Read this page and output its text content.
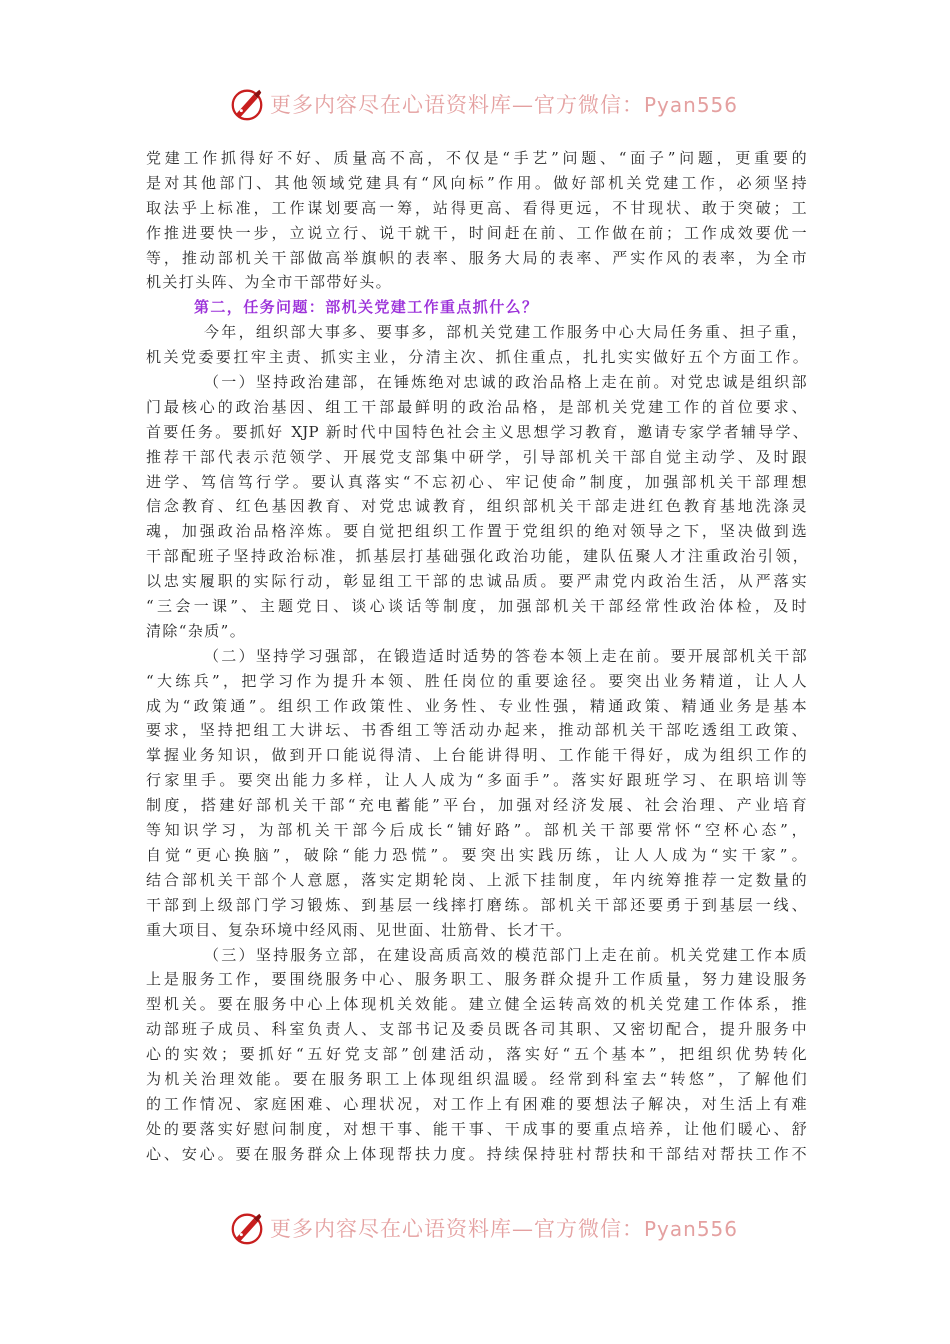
更多内容尽在心语资料库—官方微信：Pyan556
党建工作抓得好不好、质量高不高，不仅是“手艺”问题、“面子”问题，更重要的
是对其他部门、其他领域党建具有“风向标”作用。做好部机关党建工作，必须坚持
取法乎上标准，工作谋划要高一筹，站得更高、看得更远，不甘现状、敢于突破；工
作推进要快一步，立说立行、说干就干，时间赶在前、工作做在前；工作成效要优一
等，推动部机关干部做高举旗帜的表率、服务大局的表率、严实作风的表率，为全市
机关打头阵、为全市干部带好头。
第二，任务问题：部机关党建工作重点抓什么？
今年，组织部大事多、要事多，部机关党建工作服务中心大局任务重、担子重，
机关党委要扛牢主责、抓实主业，分清主次、抓住重点，扎扎实实做好五个方面工作。
（一）坚持政治建部，在锤炼绝对忠诚的政治品格上走在前。对党忠诚是组织部
门最核心的政治基因、组工干部最鲜明的政治品格，是部机关党建工作的首位要求、
首要任务。要抓好 XJP 新时代中国特色社会主义思想学习教育，邀请专家学者辅导学、
推荐干部代表示范领学、开展党支部集中研学，引导部机关干部自觉主动学、及时跟
进学、笃信笃行学。要认真落实“不忘初心、牢记使命”制度，加强部机关干部理想
信念教育、红色基因教育、对党忠诚教育，组织部机关干部走进红色教育基地洗涤灵
魂，加强政治品格淬炼。要自觉把组织工作置于党组织的绝对领导之下，坚决做到选
干部配班子坚持政治标准，抓基层打基础强化政治功能，建队伍聚人才注重政治引领，
以忠实履职的实际行动，彰显组工干部的忠诚品质。要严肃党内政治生活，从严落实
“三会一课”、主题党日、谈心谈话等制度，加强部机关干部经常性政治体检，及时
清除“杂质”。
（二）坚持学习强部，在锻造适时适势的答卷本领上走在前。要开展部机关干部
“大练兵”，把学习作为提升本领、胜任岗位的重要途径。要突出业务精道，让人人
成为“政策通”。组织工作政策性、业务性、专业性强，精通政策、精通业务是基本
要求，坚持把组工大讲坛、书香组工等活动办起来，推动部机关干部吃透组工政策、
掌握业务知识，做到开口能说得清、上台能讲得明、工作能干得好，成为组织工作的
行家里手。要突出能力多样，让人人成为“多面手”。落实好跟班学习、在职培训等
制度，搭建好部机关干部“充电蓄能”平台，加强对经济发展、社会治理、产业培育
等知识学习，为部机关干部今后成长“铺好路”。部机关干部要常怀“空杯心态”，
自觉“更心换脑”，破除“能力恐慌”。要突出实践历练，让人人成为“实干家”。
结合部机关干部个人意愿，落实定期轮岗、上派下挂制度，年内统筹推荐一定数量的
干部到上级部门学习锻炼、到基层一线摔打磨练。部机关干部还要勇于到基层一线、
重大项目、复杂环境中经风雨、见世面、壮筋骨、长才干。
（三）坚持服务立部，在建设高质高效的模范部门上走在前。机关党建工作本质
上是服务工作，要围绕服务中心、服务职工、服务群众提升工作质量，努力建设服务
型机关。要在服务中心上体现机关效能。建立健全运转高效的机关党建工作体系，推
动部班子成员、科室负责人、支部书记及委员既各司其职、又密切配合，提升服务中
心的实效；要抓好“五好党支部”创建活动，落实好“五个基本”，把组织优势转化
为机关治理效能。要在服务职工上体现组织温暖。经常到科室去“转悠”，了解他们
的工作情况、家庭困难、心理状况，对工作上有困难的要想法子解决，对生活上有难
处的要落实好慰问制度，对想干事、能干事、干成事的要重点培养，让他们暖心、舒
心、安心。要在服务群众上体现帮扶力度。持续保持驻村帮扶和干部结对帮扶工作不
更多内容尽在心语资料库—官方微信：Pyan556
